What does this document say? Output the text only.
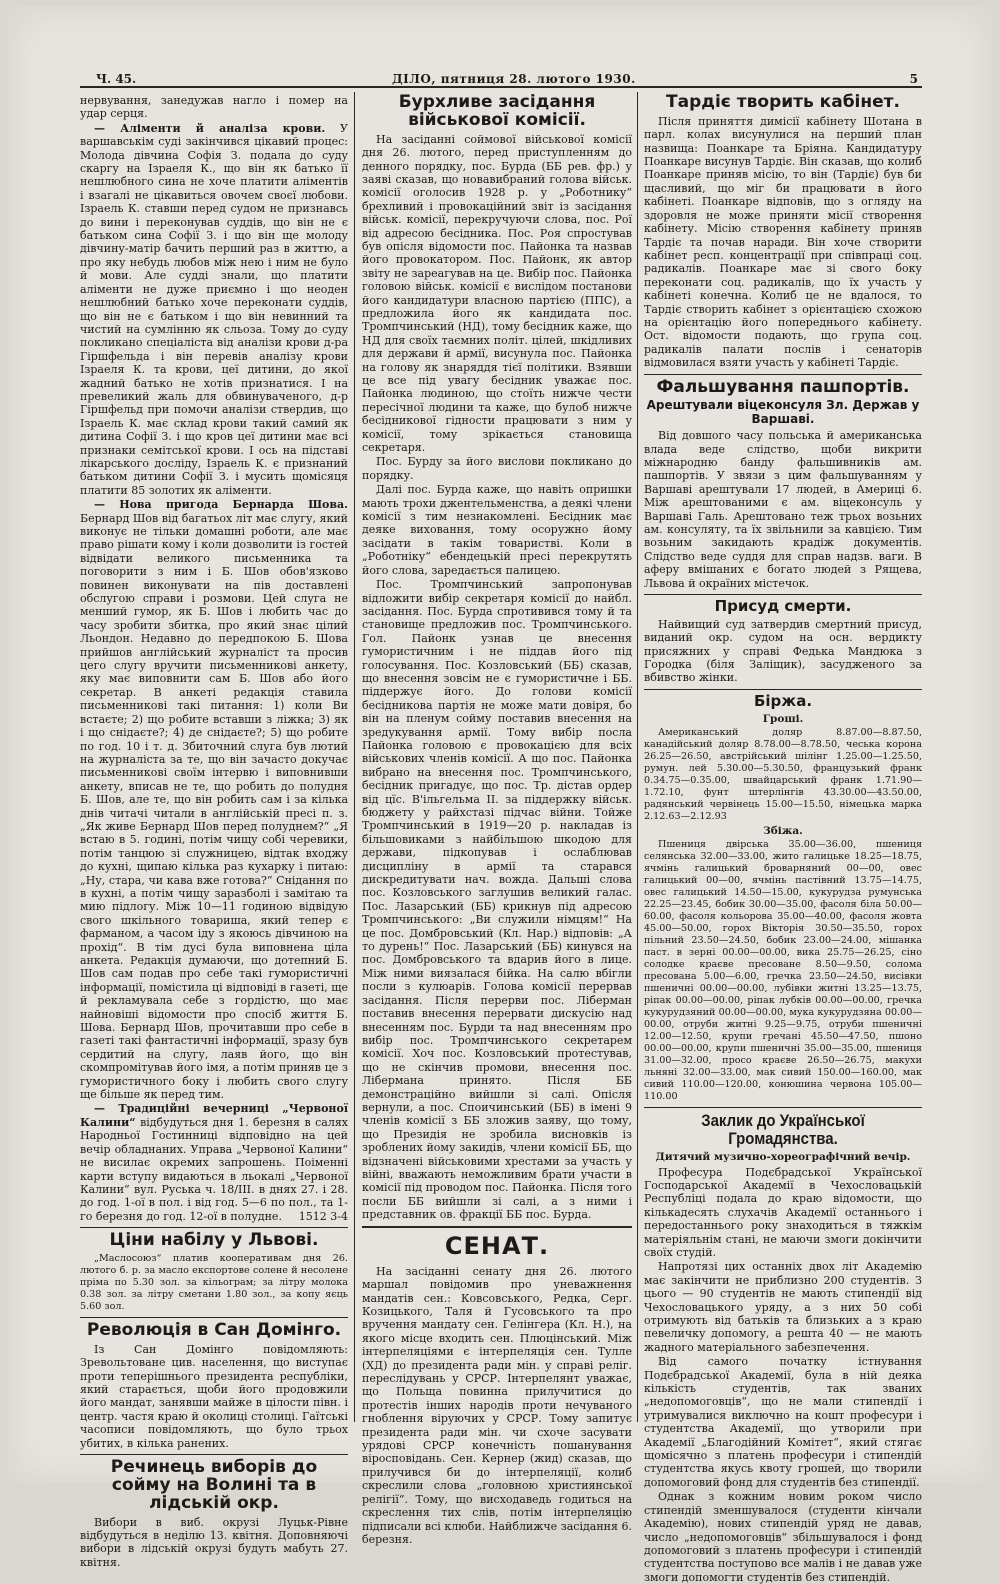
Ч. 45.	ДІЛО, пятниця 28. лютого 1930.	5

нервування, занедужав нагло і помер на удар серця.

— Аліменти й аналіза крови. У варшавськім суді закінчився цікавий процес: Молода дівчина Софія З. подала до суду скаргу на Ізраеля К., що він як батько її нешлюбного сина не хоче платити аліментів і взагалі не цікавиться овочем своєї любови. Ізраель К. ставши перед судом не признавсь до вини і переконував суддів, що він не є батьком сина Софії З. і що він ще молоду дівчину-матір бачить перший раз в життю, а про яку небудь любов між нею і ним не було й мови. Але судді знали, що платити аліменти не дуже приємно і що неоден нешлюбний батько хоче переконати суддів, що він не є батьком і що він невинний та чистий на сумлінню як сльоза. Тому до суду покликано спеціаліста від аналізи крови д-ра Гіршфельда і він перевів аналізу крови Ізраеля К. та крови, цеї дитини, до якої жадний батько не хотів признатися. І на превеликий жаль для обвинуваченого, д-р Гіршфельд при помочи аналізи ствердив, що Ізраель К. має склад крови такий самий як дитина Софії З. і що кров цеї дитини має всі признаки семітської крови. І ось на підставі лікарського досліду, Ізраель К. є признаний батьком дитини Софії З. і мусить щомісяця платити 85 золотих як аліменти.

— Нова пригода Бернарда Шова. Бернард Шов від багатьох літ має слугу, який виконує не тільки домашні роботи, але має право рішати кому і коли дозволити із гостей відвідати великого письменника та поговорити з ним і Б. Шов обов'язково повинен виконувати на пів доставлені обслугою справи і розмови. Цей слуга не менший гумор, як Б. Шов і любить час до часу зробити збитка, про який знає цілий Льондон. Недавно до передпокою Б. Шова прийшов англійський журналіст та просив цего слугу вручити письменникові анкету, яку має виповнити сам Б. Шов або його секретар. В анкеті редакція ставила письменникові такі питання: 1) коли Ви встаєте; 2) що робите вставши з ліжка; 3) як і що снідаєте?; 4) де снідаєте?; 5) що робите по год. 10 і т. д. Збиточний слуга був лютий на журналіста за те, що він зачасто докучає письменникові своїм інтервю і виповнивши анкету, вписав не те, що робить до полудня Б. Шов, але те, що він робить сам і за кілька днів читачі читали в англійській пресі п. з. „Як живе Бернард Шов перед полуднем?“ „Я встаю в 5. годині, потім чищу собі черевики, потім танцюю зі служницею, відтак входжу до кухні, щипаю кілька раз кухарку і питаю: „Ну, стара, чи кава вже готова?“ Снідання по в кухні, а потім чищу заразболі і замітаю та мию підлогу. Між 10—11 годиною відвідую свого шкільного товариша, який тепер є фарманом, а часом іду з якоюсь дівчиною на прохід“. В тім дусі була виповнена ціла анкета. Редакція думаючи, що дотепний Б. Шов сам подав про себе такі гумористичні інформації, помістила ці відповіді в газеті, ще й рекламувала себе з гордістю, що має найновіші відомости про спосіб життя Б. Шова. Бернард Шов, прочитавши про себе в газеті такі фантастичні інформації, зразу був сердитий на слугу, лаяв його, що він скомпромітував його імя, а потім приняв це з гумористичного боку і любить свого слугу ще більше як перед тим.

— Традиційні вечерниці „Червоної Калини“ відбудуться дня 1. березня в салях Народньої Гостинниці відповідно на цей вечір обладнаних. Управа „Червоної Калини“ не висилає окремих запрошень. Поіменні карти вступу видаються в льокалі „Червоної Калини“ вул. Руська ч. 18/ІІІ. в днях 27. і 28. до год. 1-ої в пол. і від год. 5—6 по пол., та 1-го березня до год. 12-ої в полудне.	1512 3-4

Ціни набілу у Львові.

„Маслосоюз“ платив кооперативам дня 26. лютого б. р. за масло експортове солене й несолене пріма по 5.30 зол. за кільограм; за літру молока 0.38 зол. за літру сметани 1.80 зол., за копу яєць 5.60 зол.

Революція в Сан Домінго.

Із Сан Домінго повідомляють: Зревольтоване цив. населення, що виступає проти теперішнього президента республіки, який старається, щоби його продовжили його мандат, занявши майже в цілости півн. і центр. частя краю й околиці столиці. Гаїтські часописи повідомляють, що було трьох убитих, в кілька ранених.

Речинець виборів до сойму на Волині та в лідській окр.

Вибори в виб. окрузі Луцьк-Рівне відбудуться в неділю 13. квітня. Доповняючі вибори в лідській окрузі будуть мабуть 27. квітня.

Бурхливе засідання військової комісії.

На засіданні соймової військової комісії дня 26. лютого, перед приступленням до денного порядку, пос. Бурда (ББ рев. фр.) у заяві сказав, що новавибраний голова військ. комісії оголосив 1928 р. у „Роботнику“ брехливий і провокаційний звіт із засідання військ. комісії, перекручуючи слова, пос. Рої від адресою бесідника. Пос. Роя спростував був опісля відомости пос. Пайонка та назвав його провокатором. Пос. Пайонк, як автор звіту не зареагував на це. Вибір пос. Пайонка головою військ. комісії є вислідом постанови його кандидатури власною партією (ППС), а предложила його як кандидата пос. Тромпчинський (НД), тому бесідник каже, що НД для своїх таємних політ. цілей, шкідливих для держави й армії, висунула пос. Пайонка на голову як знаряддя тієї політики. Взявши це все під увагу бесідник уважає пос. Пайонка людиною, що стоїть нижче чести пересічної людини та каже, що булоб нижче бесідникової гідности працювати з ним у комісії, тому зрікається становища секретаря.

Пос. Бурду за його вислови покликано до порядку.

Далі пос. Бурда каже, що навіть опришки мають трохи джентельменства, а деякі члени комісії з тим незнакомлені. Бесідник має деяке виховання, тому осоружно йому засідати в такім товаристві. Коли в „Роботніку“ ебендецькій пресі перекрутять його слова, заредається палицею.

Пос. Тромпчинський запропонував відложити вибір секретаря комісії до найбл. засідання. Пос. Бурда спротивився тому й та становище предложив пос. Тромпчинського. Гол. Пайонк узнав це внесення гумористичним і не піддав його під голосування. Пос. Козловський (ББ) сказав, що внесення зовсім не є гумористичне і ББ. піддержує його. До голови комісії бесідникова партія не може мати довіря, бо він на пленум сойму поставив внесення на зредукування армії. Тому вибір посла Пайонка головою є провокацією для всіх військових членів комісії. А що пос. Пайонка вибрано на внесення пос. Тромпчинського, бесідник пригадує, що пос. Тр. дістав ордер від цїс. В'ільгельма II. за піддержку військ. бюджету у райхстазі підчас війни. Тойже Тромпчинський в 1919—20 р. накладав із більшовиками з найбільшою шкодою для держави, підкопував і ослаблював дисципліну в армії та старався дискредитувати нач. вожда. Дальші слова пос. Козловського заглушив великий галас. Пос. Лазарський (ББ) крикнув під адресою Тромпчинського: „Ви служили німцям!“ На це пос. Домбровський (Кл. Нар.) відповів: „А то дурень!“ Пос. Лазарський (ББ) кинувся на пос. Домбровського та вдарив його в лице. Між ними виязалася бійка. На салю вбігли посли з кулюарів. Голова комісії перервав засідання. Після перерви пос. Ліберман поставив внесення перервати дискусію над внесенням пос. Бурди та над внесенням про вибір пос. Тромпчинського секретарем комісії. Хоч пос. Козловський протестував, що не скінчив промови, внесення пос. Лібермана принято. Після ББ демонстраційно вийшли зі салі. Опісля вернули, а пос. Споичинський (ББ) в імені 9 членів комісії з ББ зложив заяву, що тому, що Президія не зробила висновків із зроблених йому закидів, члени комісії ББ, що відзначені військовими хрестами за участь у війні, вважають неможливим брати участи в комісії під проводом пос. Пайонка. Після того посли ББ вийшли зі салі, а з ними і представник ов. фракції ББ пос. Бурда.

СЕНАТ.

На засіданні сенату дня 26. лютого маршал повідомив про уневажнення мандатів сен.: Ковсовського, Редка, Серг. Козицького, Таля й Гусовського та про вручення мандату сен. Гелінгера (Кл. Н.), на якого місце входить сен. Плюцінський. Між інтерпеляціями є інтерпеляція сен. Тулле (ХД) до президента ради мін. у справі реліг. переслідувань у СРСР. Інтерпелянт уважає, що Польща повинна прилучитися до протестів інших народів проти нечуваного гноблення віруючих у СРСР. Тому запитує президента ради мін. чи схоче засувати урядові СРСР конечність пошанування віросповідань. Сен. Кернер (жид) сказав, що прилучився би до інтерпеляції, колиб скреслили слова „головною християнської релігії“. Тому, що висходаведь годиться на скреслення тих слів, потім інтерпеляцію підписали всі клюби. Найближче засідання 6. березня.

Тардіє творить кабінет.

Після приняття димісії кабінету Шотана в парл. колах висунулися на перший план назвища: Поанкаре та Бріяна. Кандидатуру Поанкаре висунув Тардіє. Він сказав, що колиб Поанкаре приняв місію, то він (Тардіє) був би щасливий, що міг би працювати в його кабінеті. Поанкаре відповів, що з огляду на здоровля не може приняти місії створення кабінету. Місію створення кабінету приняв Тардіє та почав наради. Він хоче створити кабінет респ. концентрації при співпраці соц. радикалів. Поанкаре має зі свого боку переконати соц. радикалів, що їх участь у кабінеті конечна. Колиб це не вдалося, то Тардіє створить кабінет з орієнтацією схожою на орієнтацію його попереднього кабінету. Ост. відомости подають, що група соц. радикалів палати послів і сенаторів відмовилася взяти участь у кабінеті Тардіє.

Фальшування пашпортів.
Арештували віцеконсуля Зл. Держав у Варшаві.

Від довшого часу польська й американська влада веде слідство, щоби викрити міжнародню банду фальшивників ам. пашпортів. У звязи з цим фальшуванням у Варшаві арештували 17 людей, в Америці 6. Між арештованими є ам. віцеконсуль у Варшаві Галь. Арештовано теж трьох возьних ам. консуляту, та їх звільнили за кавцією. Тим возьним закидають крадіж документів. Слідство веде суддя для справ надзв. ваги. В аферу вмішаних є богато людей з Рящева, Львова й окраїних містечок.

Присуд смерти.

Найвищий суд затвердив смертний присуд, виданий окр. судом на осн. вердикту присяжних у справі Федька Мандюка з Городка (біля Заліщик), засудженого за вбивство жінки.

Біржа.
Гроші.

Американський доляр 8.87.00—8.87.50, канадійський доляр 8.78.00—8.78.50, чеська корона 26.25—26.50, австрійський шілінг 1.25.00—1.25.50, румун. лей 5.30.00—5.30.50, французький франк 0.34.75—0.35.00, швайцарський франк 1.71.90—1.72.10, фунт штерлінгів 43.30.00—43.50.00, радянський червінець 15.00—15.50, німецька марка 2.12.63—2.12.93

Збіжа.

Пшениця двірська 35.00—36.00, пшениця селянська 32.00—33.00, жито галицьке 18.25—18.75, ячмінь галицький броварняний 00—00, овес галицький 00—00, ячмінь пастівний 13.75—14.75, овес галицький 14.50—15.00, кукурудза румунська 22.25—23.45, бобик 30.00—35.00, фасоля біла 50.00—60.00, фасоля кольорова 35.00—40.00, фасоля жовта 45.00—50.00, горох Вікторія 30.50—35.50, горох пільний 23.50—24.50, бобик 23.00—24.00, мішанка паст. в зерні 00.00—00.00, вика 25.75—26.25, сіно солодке краєве пресоване 8.50—9.50, солома пресована 5.00—6.00, гречка 23.50—24.50, висівки пшеничні 00.00—00.00, лубівки житні 13.25—13.75, ріпак 00.00—00.00, ріпак лубків 00.00—00.00, гречка кукурудзяний 00.00—00.00, мука кукурудзяна 00.00—00.00, отруби житні 9.25—9.75, отруби пшеничні 12.00—12.50, крупи гречані 45.50—47.50, пшоно 00.00—00.00, крупи пшеничні 35.00—35.00, пшениця 31.00—32.00, просо краєве 26.50—26.75, макухи льняні 32.00—33.00, мак сивий 150.00—160.00, мак сивий 110.00—120.00, конюшина червона 105.00—110.00

Заклик до Української Громадянства.
Дитячий музично-хореографічний вечір.

Професура Подєбрадської Української Господарської Академії в Чехословацькій Республіці подала до краю відомости, що кількадесять слухачів Академії останнього і передостаннього року знаходиться в тяжкім матеріяльнім стані, не маючи змоги докінчити своїх студій.

Напротязі цих останніх двох літ Академію має закінчити не приблизно 200 студентів. З цього — 90 студентів не мають стипендії від Чехословацького уряду, а з них 50 собі отримують від батьків та близьких а з краю певеличку допомогу, а решта 40 — не мають жадного матеріального забезпечення.

Від самого початку істнування Подєбрадської Академії, була в ній деяка кількість студентів, так званих „недопомоговців“, що не мали стипендії і утримувалися виключно на кошт професури і студентства Академії, що утворили при Академії „Благодійний Комітет“, який стягає щомісячно з платень професури і стипендій студентства якусь квоту грошей, що творили допомоговий фонд для студентів без стипендії.

Однак з кожним новим роком число стипендій зменшувалося (студенти кінчали Академію), нових стипендій уряд не давав, число „недопомоговців“ збільшувалося і фонд допомоговий з платень професури і стипендій студентства поступово все малів і не давав уже змоги допомогти студентів без стипендій.
